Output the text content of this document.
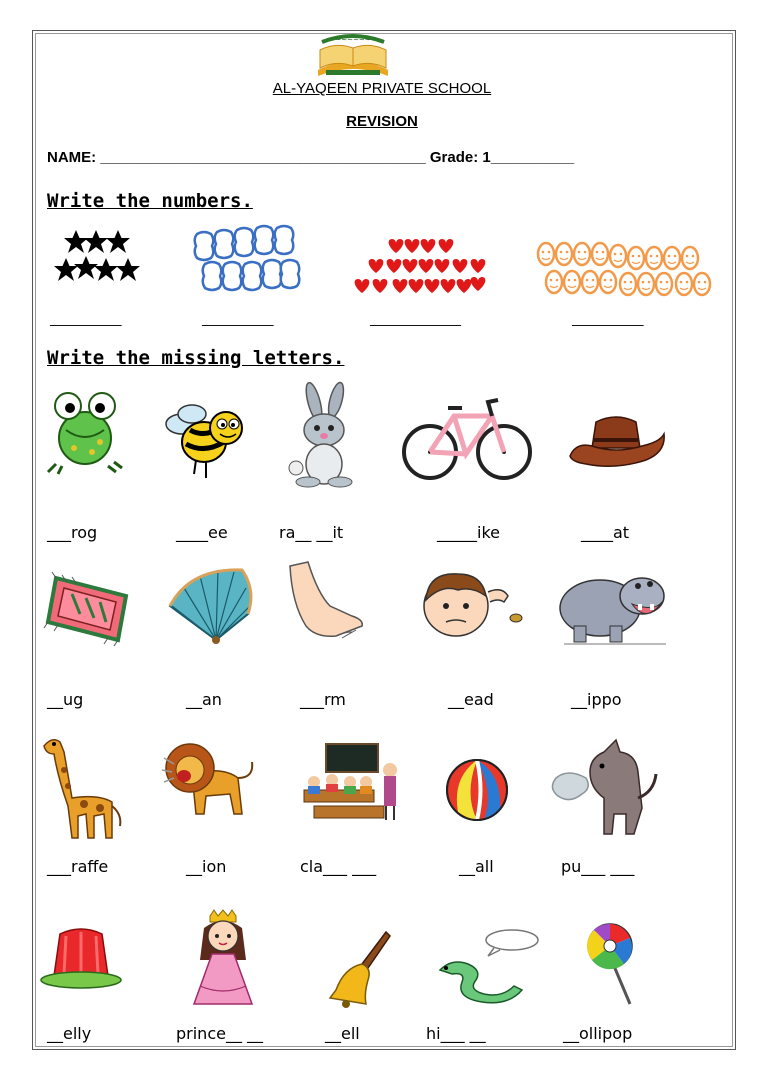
~~~~~~
AL-YAQEEN PRIVATE SCHOOL
REVISION
NAME: _______________________________________ Grade: 1__________
Write the numbers.
___________	___________	______________	___________
Write the missing letters.
___rog	____ee	ra__ __it	_____ike	____at
__ug	__an	___rm	__ead	__ippo
___raffe	__ion	cla___ ___	__all	pu___ ___
__elly	prince__ __	__ell	hi___ __	__ollipop
